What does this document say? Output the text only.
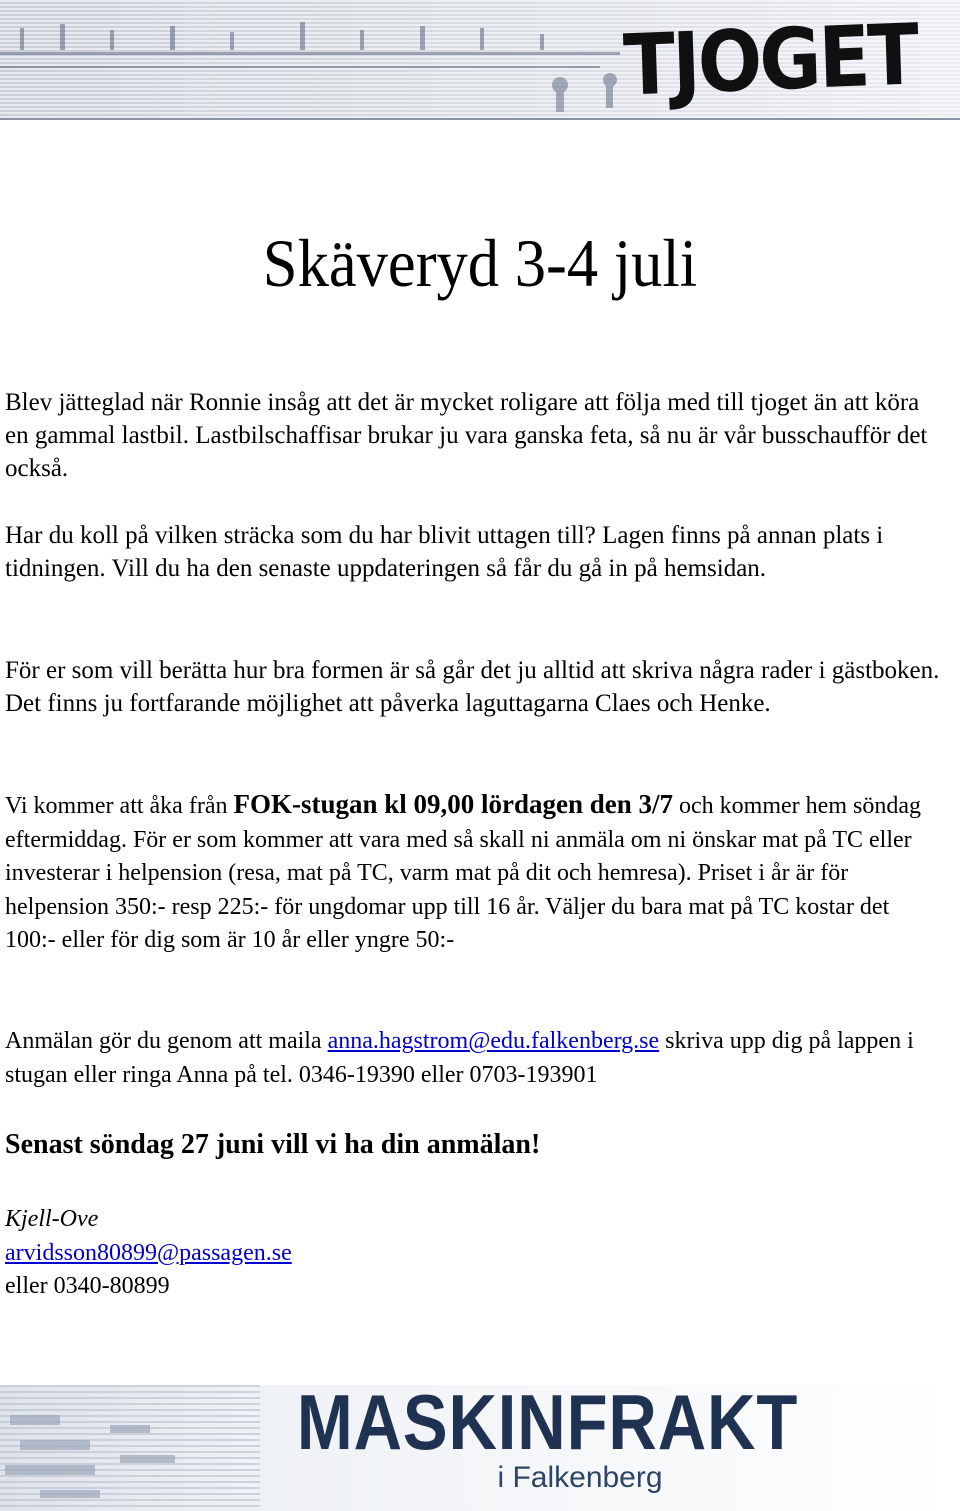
TJOGET
Skäveryd 3-4 juli

Blev jätteglad när Ronnie insåg att det är mycket roligare att följa med till tjoget än att köra en gammal lastbil. Lastbilschaffisar brukar ju vara ganska feta, så nu är vår busschaufför det också.

Har du koll på vilken sträcka som du har blivit uttagen till? Lagen finns på annan plats i tidningen. Vill du ha den senaste uppdateringen så får du gå in på hemsidan.

För er som vill berätta hur bra formen är så går det ju alltid att skriva några rader i gästboken. Det finns ju fortfarande möjlighet att påverka laguttagarna Claes och Henke.

Vi kommer att åka från FOK-stugan kl 09,00 lördagen den 3/7 och kommer hem söndag eftermiddag. För er som kommer att vara med så skall ni anmäla om ni önskar mat på TC eller investerar i helpension (resa, mat på TC, varm mat på dit och hemresa). Priset i år är för helpension 350:- resp 225:- för ungdomar upp till 16 år. Väljer du bara mat på TC kostar det 100:- eller för dig som är 10 år eller yngre 50:-

Anmälan gör du genom att maila anna.hagstrom@edu.falkenberg.se skriva upp dig på lappen i stugan eller ringa Anna på tel. 0346-19390 eller 0703-193901

Senast söndag 27 juni vill vi ha din anmälan!

Kjell-Ove
arvidsson80899@passagen.se
eller 0340-80899
MASKINFRAKT
i Falkenberg
